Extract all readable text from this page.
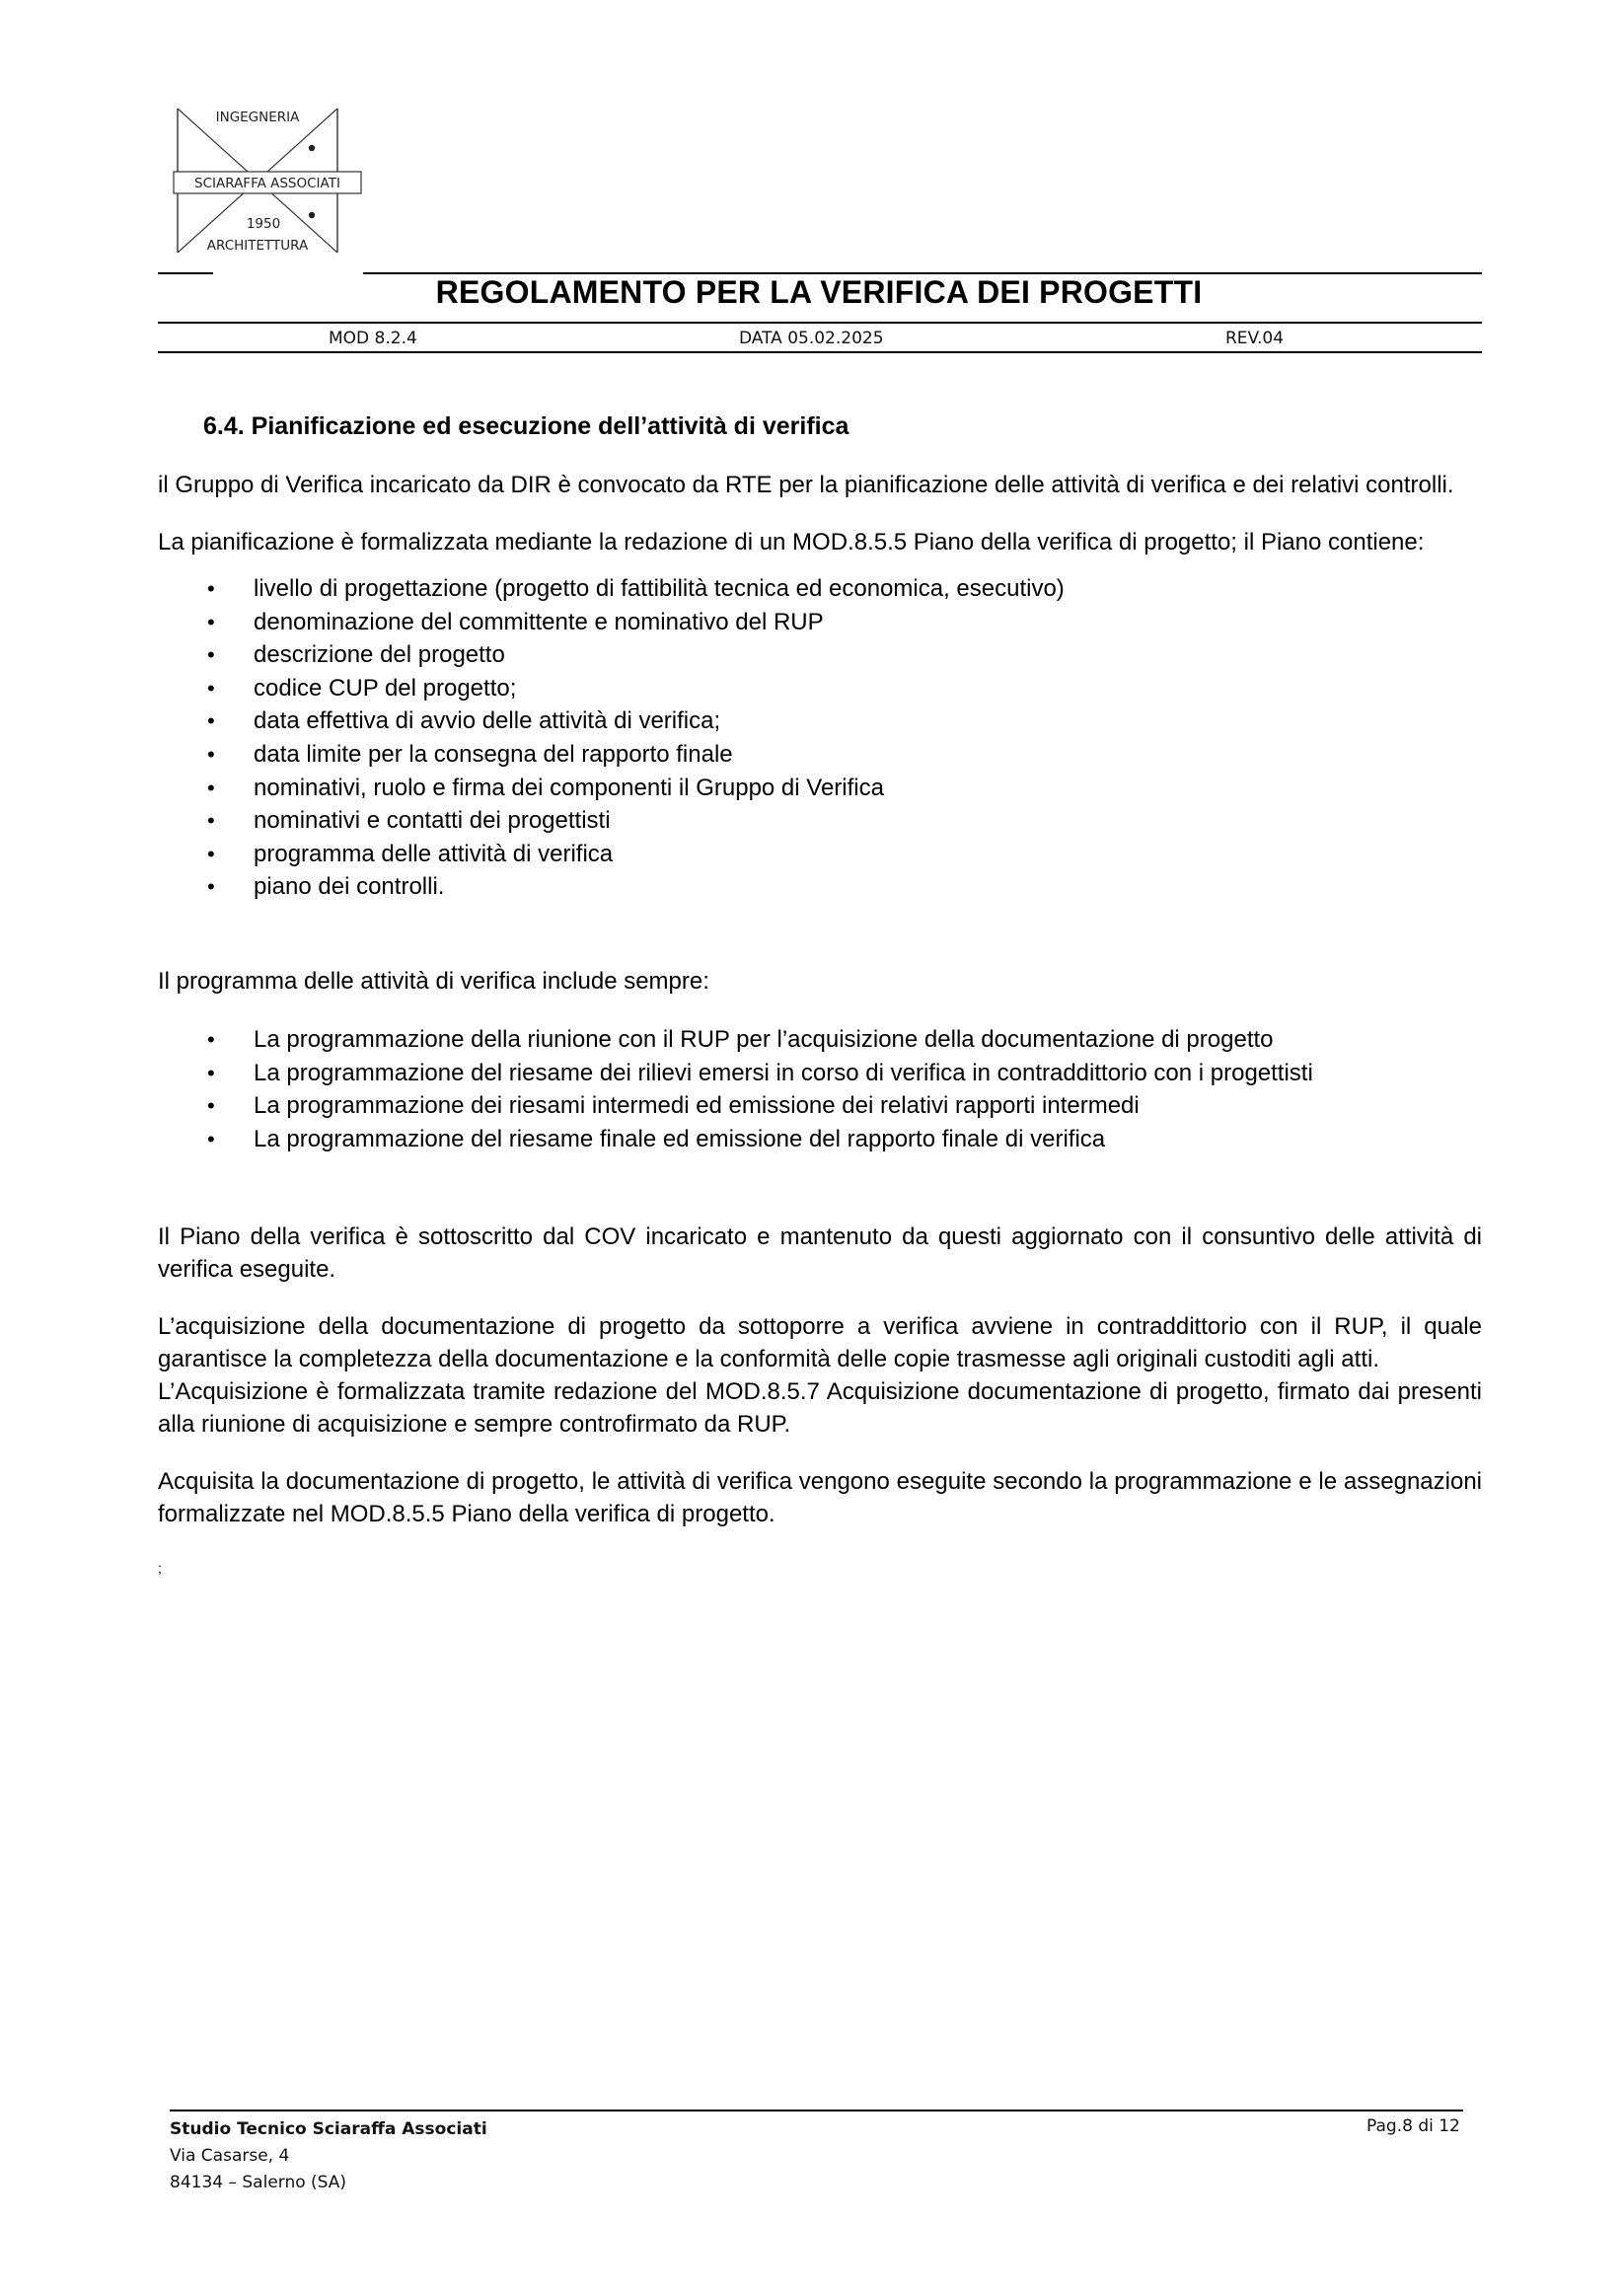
INGEGNERIA
SCIARAFFA ASSOCIATI
1950
ARCHITETTURA
REGOLAMENTO PER LA VERIFICA DEI PROGETTI
MOD 8.2.4	DATA 05.02.2025	REV.04
6.4. Pianificazione ed esecuzione dell’attività di verifica

il Gruppo di Verifica incaricato da DIR è convocato da RTE per la pianificazione delle attività di verifica e dei relativi controlli.

La pianificazione è formalizzata mediante la redazione di un MOD.8.5.5 Piano della verifica di progetto; il Piano contiene:

• livello di progettazione (progetto di fattibilità tecnica ed economica, esecutivo)
• denominazione del committente e nominativo del RUP
• descrizione del progetto
• codice CUP del progetto;
• data effettiva di avvio delle attività di verifica;
• data limite per la consegna del rapporto finale
• nominativi, ruolo e firma dei componenti il Gruppo di Verifica
• nominativi e contatti dei progettisti
• programma delle attività di verifica
• piano dei controlli.

Il programma delle attività di verifica include sempre:

• La programmazione della riunione con il RUP per l’acquisizione della documentazione di progetto
• La programmazione del riesame dei rilievi emersi in corso di verifica in contraddittorio con i progettisti
• La programmazione dei riesami intermedi ed emissione dei relativi rapporti intermedi
• La programmazione del riesame finale ed emissione del rapporto finale di verifica

Il Piano della verifica è sottoscritto dal COV incaricato e mantenuto da questi aggiornato con il consuntivo delle attività di verifica eseguite.

L’acquisizione della documentazione di progetto da sottoporre a verifica avviene in contraddittorio con il RUP, il quale garantisce la completezza della documentazione e la conformità delle copie trasmesse agli originali custoditi agli atti.

L’Acquisizione è formalizzata tramite redazione del MOD.8.5.7 Acquisizione documentazione di progetto, firmato dai presenti alla riunione di acquisizione e sempre controfirmato da RUP.

Acquisita la documentazione di progetto, le attività di verifica vengono eseguite secondo la programmazione e le assegnazioni formalizzate nel MOD.8.5.5 Piano della verifica di progetto.

;
Studio Tecnico Sciaraffa Associati
Via Casarse, 4
84134 – Salerno (SA)
Pag.8 di 12
